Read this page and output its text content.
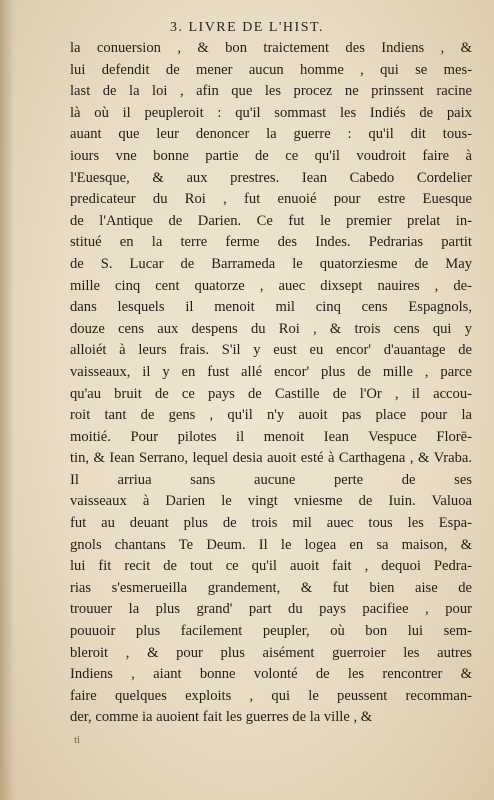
3. LIVRE DE L'HIST.
la conuersion , & bon traictement des Indiens , &
lui defendit de mener aucun homme , qui se mes-
last de la loi , afin que les procez ne prinssent racine
là où il peupleroit : qu'il sommast les Indiés de paix
auant que leur denoncer la guerre : qu'il dit tous-
iours vne bonne partie de ce qu'il voudroit faire à
l'Euesque, & aux prestres. Iean Cabedo Cordelier
predicateur du Roi , fut enuoié pour estre Euesque
de l'Antique de Darien. Ce fut le premier prelat in-
stitué en la terre ferme des Indes. Pedrarias partit
de S. Lucar de Barrameda le quatorziesme de May
mille cinq cent quatorze , auec dixsept nauires , de-
dans lesquels il menoit mil cinq cens Espagnols,
douze cens aux despens du Roi , & trois cens qui y
alloiét à leurs frais. S'il y eust eu encor' d'auantage de
vaisseaux, il y en fust allé encor' plus de mille , parce
qu'au bruit de ce pays de Castille de l'Or , il accou-
roit tant de gens , qu'il n'y auoit pas place pour la
moitié. Pour pilotes il menoit Iean Vespuce Florē-
tin, & Iean Serrano, lequel desia auoit esté à Carthagena , & Vraba. Il arriua sans aucune perte de ses
vaisseaux à Darien le vingt vniesme de Iuin. Valuoa
fut au deuant plus de trois mil auec tous les Espa-
gnols chantans Te Deum. Il le logea en sa maison, &
lui fit recit de tout ce qu'il auoit fait , dequoi Pedra-
rias s'esmerueilla grandement, & fut bien aise de
trouuer la plus grand' part du pays pacifiee , pour
pouuoir plus facilement peupler, où bon lui sem-
bleroit , & pour plus aisément guerroier les autres
Indiens , aiant bonne volonté de les rencontrer &
faire quelques exploits , qui le peussent recomman-
der, comme ia auoient fait les guerres de la ville , &
ti
